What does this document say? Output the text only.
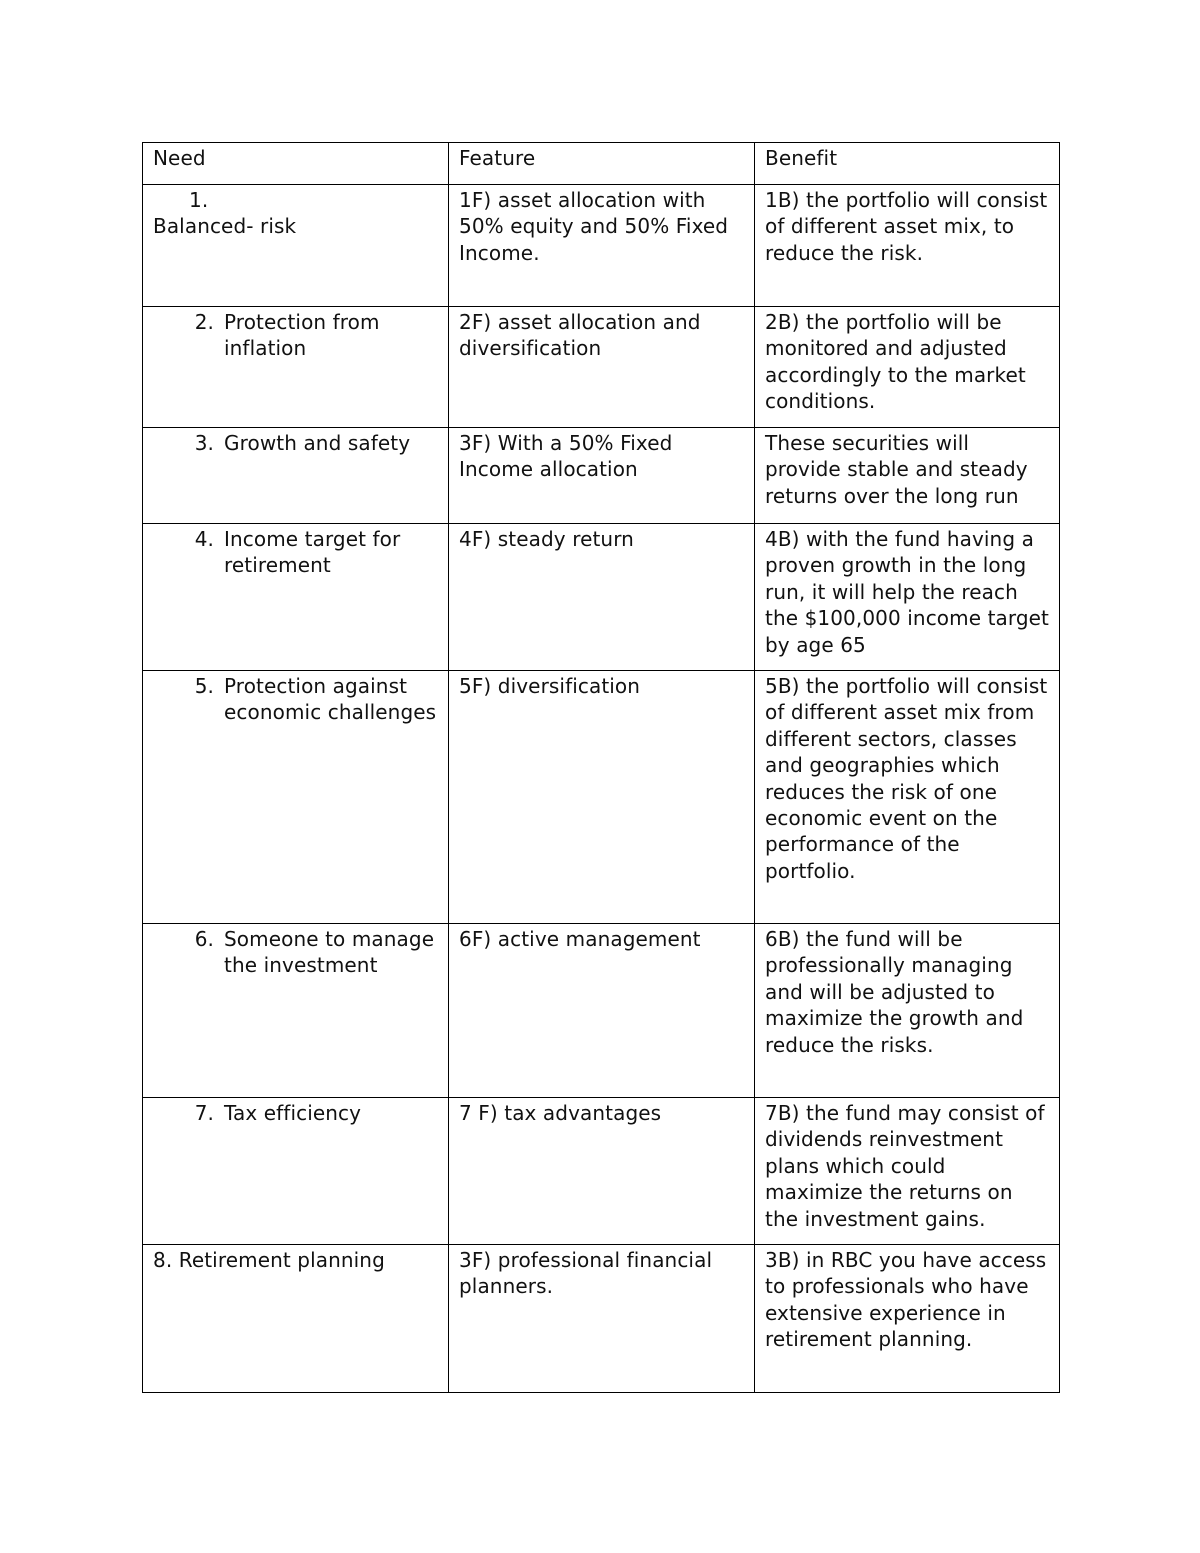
Need	Feature	Benefit

1.
Balanced- risk	1F) asset allocation with 50% equity and 50% Fixed Income.	1B) the portfolio will consist of different asset mix, to reduce the risk.

2. Protection from inflation	2F) asset allocation and diversification	2B) the portfolio will be monitored and adjusted accordingly to the market conditions.

3. Growth and safety	3F) With a 50% Fixed Income allocation	These securities will provide stable and steady returns over the long run

4. Income target for retirement	4F) steady return	4B) with the fund having a proven growth in the long run, it will help the reach the $100,000 income target by age 65

5. Protection against economic challenges	5F) diversification	5B) the portfolio will consist of different asset mix from different sectors, classes and geographies which reduces the risk of one economic event on the performance of the portfolio.

6. Someone to manage the investment	6F) active management	6B) the fund will be professionally managing and will be adjusted to maximize the growth and reduce the risks.

7. Tax efficiency	7 F) tax advantages	7B) the fund may consist of dividends reinvestment plans which could maximize the returns on the investment gains.
8. Retirement planning	3F) professional financial planners.	3B) in RBC you have access to professionals who have extensive experience in retirement planning.
